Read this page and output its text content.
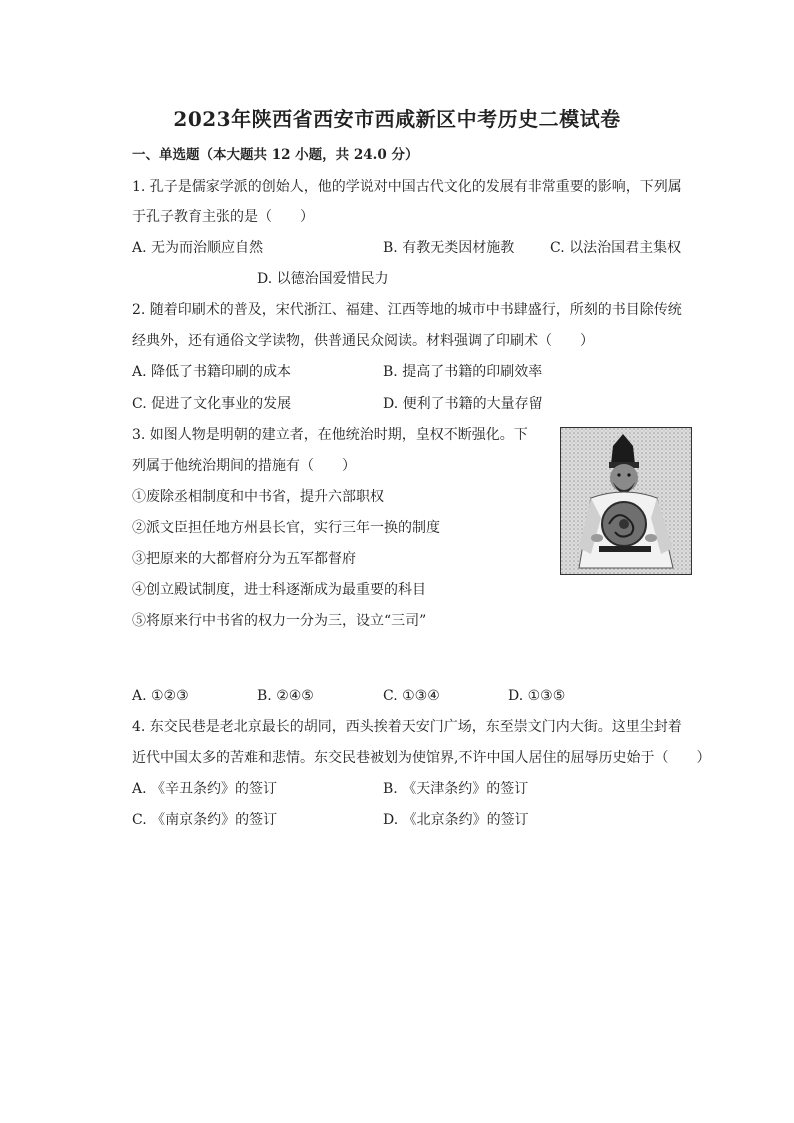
2023年陕西省西安市西咸新区中考历史二模试卷
一、单选题（本大题共 12 小题，共 24.0 分）
1. 孔子是儒家学派的创始人，他的学说对中国古代文化的发展有非常重要的影响，下列属
于孔子教育主张的是（　　）
A. 无为而治顺应自然	B. 有教无类因材施教	C. 以法治国君主集权
D. 以德治国爱惜民力
2. 随着印刷术的普及，宋代浙江、福建、江西等地的城市中书肆盛行，所刻的书目除传统
经典外，还有通俗文学读物，供普通民众阅读。材料强调了印刷术（　　）
A. 降低了书籍印刷的成本	B. 提高了书籍的印刷效率
C. 促进了文化事业的发展	D. 便利了书籍的大量存留
3. 如图人物是明朝的建立者，在他统治时期，皇权不断强化。下
列属于他统治期间的措施有（　　）
①废除丞相制度和中书省，提升六部职权
②派文臣担任地方州县长官，实行三年一换的制度
③把原来的大都督府分为五军都督府
④创立殿试制度，进士科逐渐成为最重要的科目
⑤将原来行中书省的权力一分为三，设立“三司”
A. ①②③	B. ②④⑤	C. ①③④	D. ①③⑤
4. 东交民巷是老北京最长的胡同，西头挨着天安门广场，东至崇文门内大街。这里尘封着
近代中国太多的苦难和悲情。东交民巷被划为使馆界,不许中国人居住的屈辱历史始于（　　）
A. 《辛丑条约》的签订	B. 《天津条约》的签订
C. 《南京条约》的签订	D. 《北京条约》的签订
